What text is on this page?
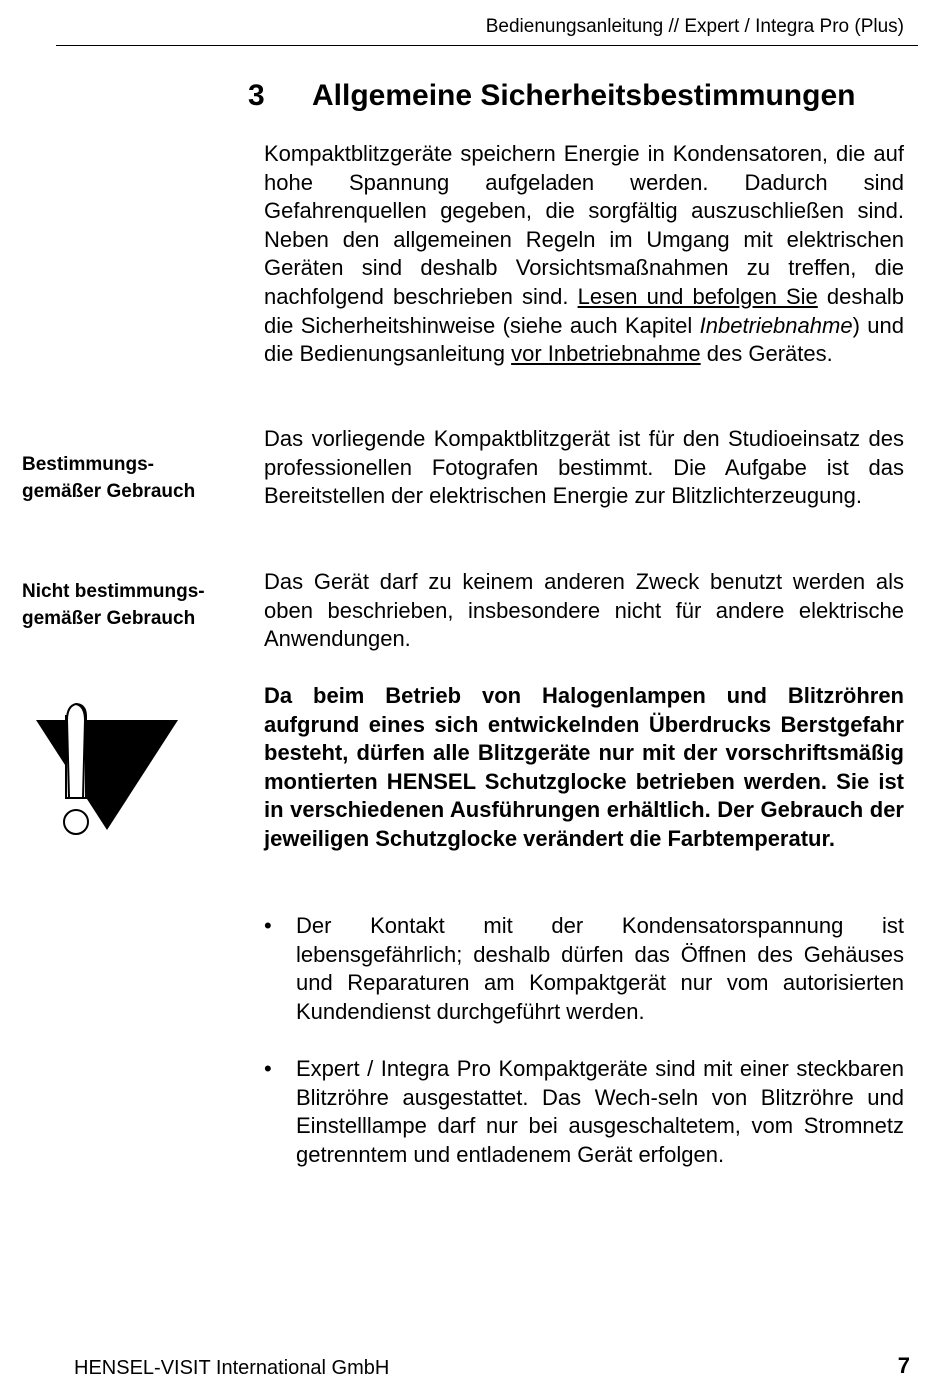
Bedienungsanleitung // Expert / Integra Pro (Plus)
3 Allgemeine Sicherheitsbestimmungen
Kompaktblitzgeräte speichern Energie in Kondensatoren, die auf hohe Spannung aufgeladen werden. Dadurch sind Gefahrenquellen gegeben, die sorgfältig auszuschließen sind. Neben den allgemeinen Regeln im Umgang mit elektrischen Geräten sind deshalb Vorsichtsmaßnahmen zu treffen, die nachfolgend beschrieben sind. Lesen und befolgen Sie deshalb die Sicherheitshinweise (siehe auch Kapitel Inbetriebnahme) und die Bedienungsanleitung vor Inbetriebnahme des Gerätes.
Bestimmungs-
gemäßer Gebrauch
Das vorliegende Kompaktblitzgerät ist für den Studioeinsatz des professionellen Fotografen bestimmt. Die Aufgabe ist das Bereitstellen der elektrischen Energie zur Blitzlichterzeugung.
Nicht bestimmungs-
gemäßer Gebrauch
Das Gerät darf zu keinem anderen Zweck benutzt werden als oben beschrieben, insbesondere nicht für andere elektrische Anwendungen.
Da beim Betrieb von Halogenlampen und Blitzröhren aufgrund eines sich entwickelnden Überdrucks Berstgefahr besteht, dürfen alle Blitzgeräte nur mit der vorschriftsmäßig montierten HENSEL Schutzglocke betrieben werden. Sie ist in verschiedenen Ausführungen erhältlich. Der Gebrauch der jeweiligen Schutzglocke verändert die Farbtemperatur.
•	Der Kontakt mit der Kondensatorspannung ist lebensgefährlich; deshalb dürfen das Öffnen des Gehäuses und Reparaturen am Kompaktgerät nur vom autorisierten Kundendienst durchgeführt werden.
•	Expert / Integra Pro Kompaktgeräte sind mit einer steckbaren Blitzröhre ausgestattet. Das Wech-seln von Blitzröhre und Einstelllampe darf nur bei ausgeschaltetem, vom Stromnetz getrenntem und entladenem Gerät erfolgen.
HENSEL-VISIT International GmbH	7
